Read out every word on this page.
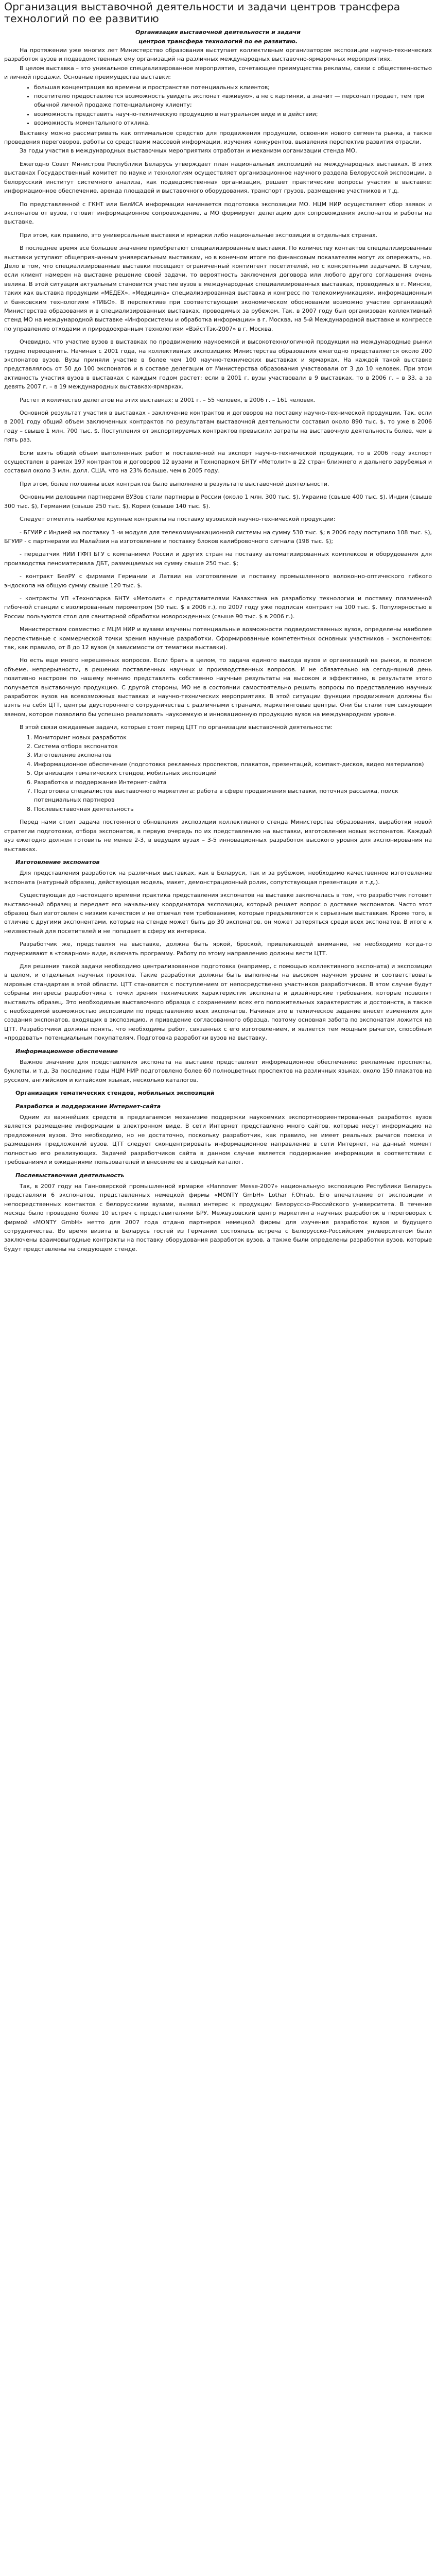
Организация выставочной деятельности и задачи центров трансфера технологий по ее развитию
Организация выставочной деятельности и задачи
центров трансфера технологий по ее развитию.

На протяжении уже многих лет Министерство образования выступает коллективным организатором экспозиции научно-технических разработок вузов и подведомственных ему организаций на различных международных выставочно-ярмарочных мероприятиях.

В целом выставка – это уникальное специализированное мероприятие, сочетающее преимущества рекламы, связи с общественностью и личной продажи. Основные преимущества выставки:

• большая концентрация во времени и пространстве потенциальных клиентов;
• посетителю предоставляется возможность увидеть экспонат «вживую», а не с картинки, а значит — персонал продает, тем при обычной личной продаже потенциальному клиенту;
• возможность представить научно-техническую продукцию в натуральном виде и в действии;
• возможность моментального отклика.

Выставку можно рассматривать как оптимальное средство для продвижения продукции, освоения нового сегмента рынка, а также проведения переговоров, работы со средствами массовой информации, изучения конкурентов, выявления перспектив развития отрасли.

За годы участия в международных выставочных мероприятиях отработан и механизм организации стенда МО.

Ежегодно Совет Министров Республики Беларусь утверждает план национальных экспозиций на международных выставках. В этих выставках Государственный комитет по науке и технологиям осуществляет организационное научного раздела Белорусской экспозиции, а белорусский институт системного анализа, как подведомственная организация, решает практические вопросы участия в выставке: информационное обеспечение, аренда площадей и выставочного оборудования, транспорт грузов, размещение участников и т.д.

По представленной с ГКНТ или БелИСА информации начинается подготовка экспозиции МО. НЦМ НИР осуществляет сбор заявок и экспонатов от вузов, готовит информационное сопровождение, а МО формирует делегацию для сопровождения экспонатов и работы на выставке.

При этом, как правило, это универсальные выставки и ярмарки либо национальные экспозиции в отдельных странах.

В последнее время все большее значение приобретают специализированные выставки. По количеству контактов специализированные выставки уступают общепризнанным универсальным выставкам, но в конечном итоге по финансовым показателям могут их опережать, но. Дело в том, что специализированные выставки посещают ограниченный контингент посетителей, но с конкретными задачами. В случае, если клиент намерен на выставке решение своей задачи, то вероятность заключения договора или любого другого соглашения очень велика. В этой ситуации актуальным становится участие вузов в международных специализированных выставках, проводимых в г. Минске, таких как выставка продукции «МЕДЕХ», «Медицина» специализированная выставка и конгресс по телекоммуникациям, информационным и банковским технологиям «ТИБО». В перспективе при соответствующем экономическом обосновании возможно участие организаций Министерства образования и в специализированных выставках, проводимых за рубежом. Так, в 2007 году был организован коллективный стенд МО на международной выставке «Инфорсистемы и обработка информации» в г. Москва, на 5-й Международной выставке и конгрессе по управлению отходами и природоохранным технологиям «ВэйстТэк-2007» в г. Москва.

Очевидно, что участие вузов в выставках по продвижению наукоемкой и высокотехнологичной продукции на международные рынки трудно переоценить. Начиная с 2001 года, на коллективных экспозициях Министерства образования ежегодно представляется около 200 экспонатов вузов. Вузы приняли участие в более чем 100 научно-технических выставках и ярмарках. На каждой такой выставке представлялось от 50 до 100 экспонатов и в составе делегации от Министерства образования участвовали от 3 до 10 человек. При этом активность участия вузов в выставках с каждым годом растет: если в 2001 г. вузы участвовали в 9 выставках, то в 2006 г. – в 33, а за девять 2007 г. – в 19 международных выставках-ярмарках.

Растет и количество делегатов на этих выставках: в 2001 г. – 55 человек, в 2006 г. – 161 человек.

Основной результат участия в выставках - заключение контрактов и договоров на поставку научно-технической продукции. Так, если в 2001 году общий объем заключенных контрактов по результатам выставочной деятельности составил около 890 тыс. $, то уже в 2006 году – свыше 1 млн. 700 тыс. $. Поступления от экспортируемых контрактов превысили затраты на выставочную деятельность более, чем в пять раз.

Если взять общий объем выполненных работ и поставленной на экспорт научно-технической продукции, то в 2006 году экспорт осуществлен в рамках 197 контрактов и договоров 12 вузами и Технопарком БНТУ «Метолит» в 22 стран ближнего и дальнего зарубежья и составил около 3 млн. долл. США, что на 23% больше, чем в 2005 году.

При этом, более половины всех контрактов было выполнено в результате выставочной деятельности.

Основными деловыми партнерами ВУЗов стали партнеры в России (около 1 млн. 300 тыс. $), Украине (свыше 400 тыс. $), Индии (свыше 300 тыс. $), Германии (свыше 250 тыс. $), Кореи (свыше 140 тыс. $).

Следует отметить наиболее крупные контракты на поставку вузовской научно-технической продукции:

- БГУИР с Индией на поставку 3 -м модуля для телекоммуникационной системы на сумму 530 тыс. $; в 2006 году поступило 108 тыс. $), БГУИР - с партнерами из Малайзии на изготовление и поставку блоков калибровочного сигнала (198 тыс. $);

- передатчик НИИ ПФП БГУ с компаниями России и других стран на поставку автоматизированных комплексов и оборудования для производства пеноматериала ДБТ, размещаемых на сумму свыше 250 тыс. $;

- контракт БелРУ с фирмами Германии и Латвии на изготовление и поставку промышленного волоконно-оптического гибкого эндоскопа на общую сумму свыше 120 тыс. $.

- контракты УП «Технопарка БНТУ «Метолит» с представителями Казахстана на разработку технологии и поставку плазменной гибочной станции с изолированным пирометром (50 тыс. $ в 2006 г.), по 2007 году уже подписан контракт на 100 тыс. $. Популярностью в России пользуются стол для санитарной обработки новорожденных (свыше 90 тыс. $ в 2006 г.).

Министерством совместно с МЦМ НИР и вузами изучены потенциальные возможности подведомственных вузов, определены наиболее перспективные с коммерческой точки зрения научные разработки. Сформированные компетентных основных участников – экспонентов: так, как правило, от 8 до 12 вузов (в зависимости от тематики выставки).

Но есть еще много нерешенных вопросов. Если брать в целом, то задача единого выхода вузов и организаций на рынки, в полном объеме, непрерывности, в решении поставленных научных и производственных вопросов. И не обязательно на сегодняшний день позитивно настроен по нашему мнению представлять собственно научные результаты на высоком и эффективно, в результате этого получается выставочную продукцию. С другой стороны, МО не в состоянии самостоятельно решить вопросы по представлению научных разработок вузов на всевозможных выставках и научно-технических мероприятиях. В этой ситуации функции продвижения должны бы взять на себя ЦТТ, центры двустороннего сотрудничества с различными странами, маркетинговые центры. Они бы стали тем связующим звеном, которое позволило бы успешно реализовать наукоемкую и инновационную продукцию вузов на международном уровне.

В этой связи ожидаемые задачи, которые стоят перед ЦТТ по организации выставочной деятельности:

1. Мониторинг новых разработок
2. Система отбора экспонатов
3. Изготовление экспонатов
4. Информационное обеспечение (подготовка рекламных проспектов, плакатов, презентаций, компакт-дисков, видео материалов)
5. Организация тематических стендов, мобильных экспозиций
6. Разработка и поддержание Интернет-сайта
7. Подготовка специалистов выставочного маркетинга: работа в сфере продвижения выставки, поточная рассылка, поиск потенциальных партнеров
8. Послевыставочная деятельность

Перед нами стоит задача постоянного обновления экспозиции коллективного стенда Министерства образования, выработки новой стратегии подготовки, отбора экспонатов, в первую очередь по их представлению на выставки, изготовления новых экспонатов. Каждый вуз ежегодно должен готовить не менее 2-3, в ведущих вузах – 3-5 инновационных разработок высокого уровня для экспонирования на выставках.

Изготовление экспонатов

Для представления разработок на различных выставках, как в Беларуси, так и за рубежом, необходимо качественное изготовление экспоната (натурный образец, действующая модель, макет, демонстрационный ролик, сопутствующая презентация и т.д.).

Существующая до настоящего времени практика представления экспонатов на выставке заключалась в том, что разработчик готовит выставочный образец и передает его начальнику координатора экспозиции, который решает вопрос о доставке экспонатов. Часто этот образец был изготовлен с низким качеством и не отвечал тем требованиям, которые предъявляются к серьезным выставкам. Кроме того, в отличие с другими экспонентами, которые на стенде может быть до 30 экспонатов, он может затеряться среди всех экспонатов. В итоге к неизвестный для посетителей и не попадает в сферу их интереса.

Разработчик же, представляя на выставке, должна быть яркой, броской, привлекающей внимание, не необходимо когда-то подчеркивают в «товарном» виде, включать программу. Работу по этому направлению должны вести ЦТТ.

Для решения такой задачи необходимо централизованное подготовка (например, с помощью коллективного экспоната) и экспозиции в целом, и отдельных научных проектов. Такие разработки должны быть выполнены на высоком научном уровне и соответствовать мировым стандартам в этой области. ЦТТ становится с поступлением от непосредственно участников разработчиков. В этом случае будут собраны интересы разработчика с точки зрения технических характеристик экспоната и дизайнерские требования, которые позволят выставить образец. Это необходимым выставочного образца с сохранением всех его положительных характеристик и достоинств, а также с необходимой возможностью экспозиции по представлению всех экспонатов. Начиная это в техническое задание внесёт изменения для создания экспонатов, входящих в экспозицию, и приведение согласованного образца, поэтому основная забота по экспонатам ложится на ЦТТ. Разработчики должны понять, что необходимы работ, связанных с его изготовлением, и является тем мощным рычагом, способным «продавать» потенциальным покупателям. Подготовка разработки вузов на выставку.

Информационное обеспечение

Важное значение для представления экспоната на выставке представляет информационное обеспечение: рекламные проспекты, буклеты, и т.д. За последние годы НЦМ НИР подготовлено более 60 полноцветных проспектов на различных языках, около 150 плакатов на русском, английском и китайском языках, несколько каталогов.

Организация тематических стендов, мобильных экспозиций
Разработка и поддержание Интернет-сайта

Одним из важнейших средств в предлагаемом механизме поддержки наукоемких экспортноориентированных разработок вузов является размещение информации в электронном виде. В сети Интернет представлено много сайтов, которые несут информацию на предложения вузов. Это необходимо, но не достаточно, поскольку разработчик, как правило, не имеет реальных рычагов поиска и размещения предложений вузов. ЦТТ следует сконцентрировать информационное направление в сети Интернет, на данный момент полностью его реализующих. Задачей разработчиков сайта в данном случае является поддержание информации в соответствии с требованиями и ожиданиями пользователей и внесение ее в сводный каталог.

Послевыставочная деятельность

Так, в 2007 году на Ганноверской промышленной ярмарке «Hannover Messe-2007» национальную экспозицию Республики Беларусь представляли 6 экспонатов, представленных немецкой фирмы «MONTY GmbH» Lothar F.Ohrab. Его впечатление от экспозиции и непосредственных контактов с белорусскими вузами, вызвал интерес к продукции Белорусско-Российского университета. В течение месяца было проведено более 10 встреч с представителями БРУ. Межвузовский центр маркетинга научных разработок в переговорах с фирмой «MONTY GmbH» нетто для 2007 года отдано партнеров немецкой фирмы для изучения разработок вузов и будущего сотрудничества. Во время визита в Беларусь гостей из Германии состоялась встреча с Белорусско-Российским университетом были заключены взаимовыгодные контракты на поставку оборудования разработок вузов, а также были определены разработки вузов, которые будут представлены на следующем стенде.
